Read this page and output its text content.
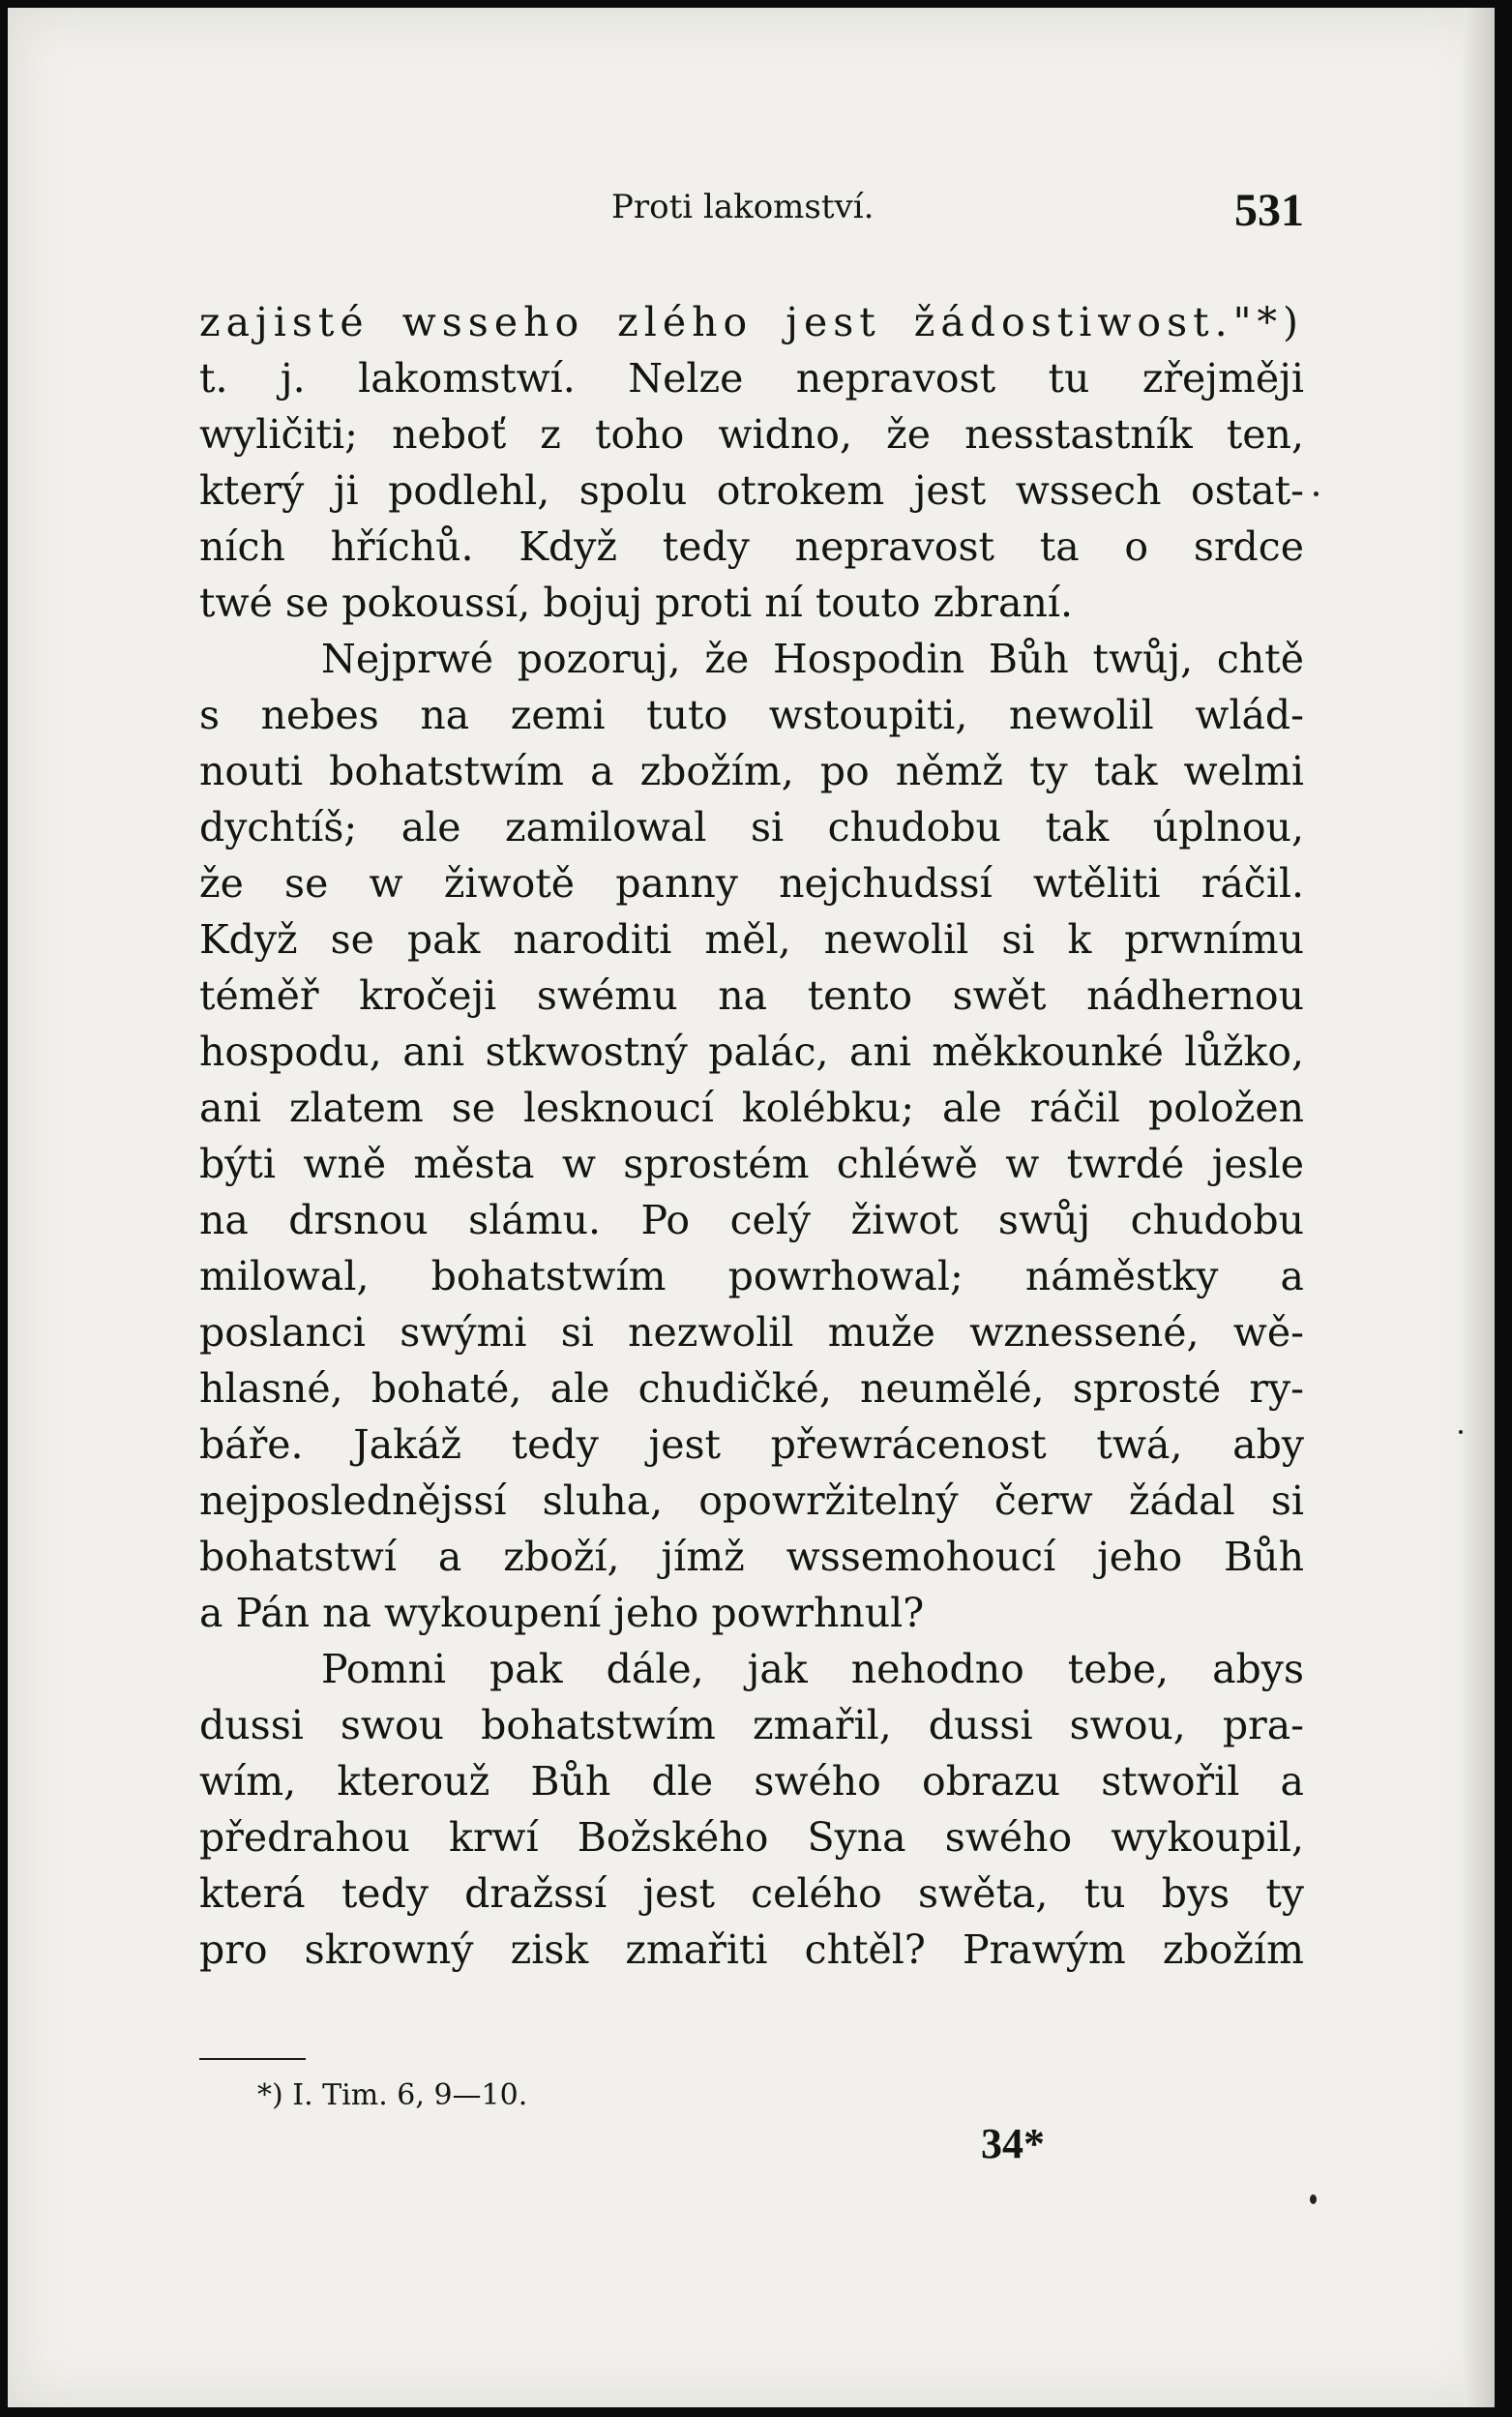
Proti lakomství.	531
zajisté wsseho zlého jest žádostiwost."*)
t. j. lakomstwí. Nelze nepravost tu zřejměji
wyličiti; neboť z toho widno, že nesstastník ten,
který ji podlehl, spolu otrokem jest wssech ostat-
ních hříchů. Když tedy nepravost ta o srdce
twé se pokoussí, bojuj proti ní touto zbraní.
Nejprwé pozoruj, že Hospodin Bůh twůj, chtě
s nebes na zemi tuto wstoupiti, newolil wlád-
nouti bohatstwím a zbožím, po němž ty tak welmi
dychtíš; ale zamilowal si chudobu tak úplnou,
že se w žiwotě panny nejchudssí wtěliti ráčil.
Když se pak naroditi měl, newolil si k prwnímu
téměř kročeji swému na tento swět nádhernou
hospodu, ani stkwostný palác, ani měkkounké lůžko,
ani zlatem se lesknoucí kolébku; ale ráčil položen
býti wně města w sprostém chléwě w twrdé jesle
na drsnou slámu. Po celý žiwot swůj chudobu
milowal, bohatstwím powrhowal; náměstky a
poslanci swými si nezwolil muže wznessené, wě-
hlasné, bohaté, ale chudičké, neumělé, sprosté ry-
báře. Jakáž tedy jest přewrácenost twá, aby
nejposlednějssí sluha, opowržitelný čerw žádal si
bohatstwí a zboží, jímž wssemohoucí jeho Bůh
a Pán na wykoupení jeho powrhnul?
Pomni pak dále, jak nehodno tebe, abys
dussi swou bohatstwím zmařil, dussi swou, pra-
wím, kterouž Bůh dle swého obrazu stwořil a
předrahou krwí Božského Syna swého wykoupil,
která tedy dražssí jest celého swěta, tu bys ty
pro skrowný zisk zmařiti chtěl? Prawým zbožím
*) I. Tim. 6, 9—10.
34*
